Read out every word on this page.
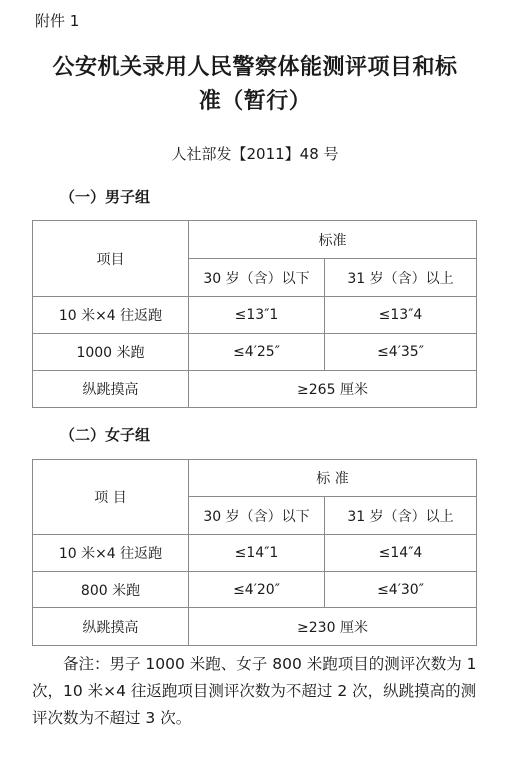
附件 1
公安机关录用人民警察体能测评项目和标
准（暂行）
人社部发【2011】48 号
（一）男子组
项目	标准	
	30 岁（含）以下	31 岁（含）以上
10 米×4 往返跑	≤13″1	≤13″4
1000 米跑	≤4′25″	≤4′35″
纵跳摸高	≥265 厘米	
（二）女子组
项 目	标 准	
	30 岁（含）以下	31 岁（含）以上
10 米×4 往返跑	≤14″1	≤14″4
800 米跑	≤4′20″	≤4′30″
纵跳摸高	≥230 厘米	
备注：男子 1000 米跑、女子 800 米跑项目的测评次数为 1 次，10 米×4 往返跑项目测评次数为不超过 2 次，纵跳摸高的测评次数为不超过 3 次。
